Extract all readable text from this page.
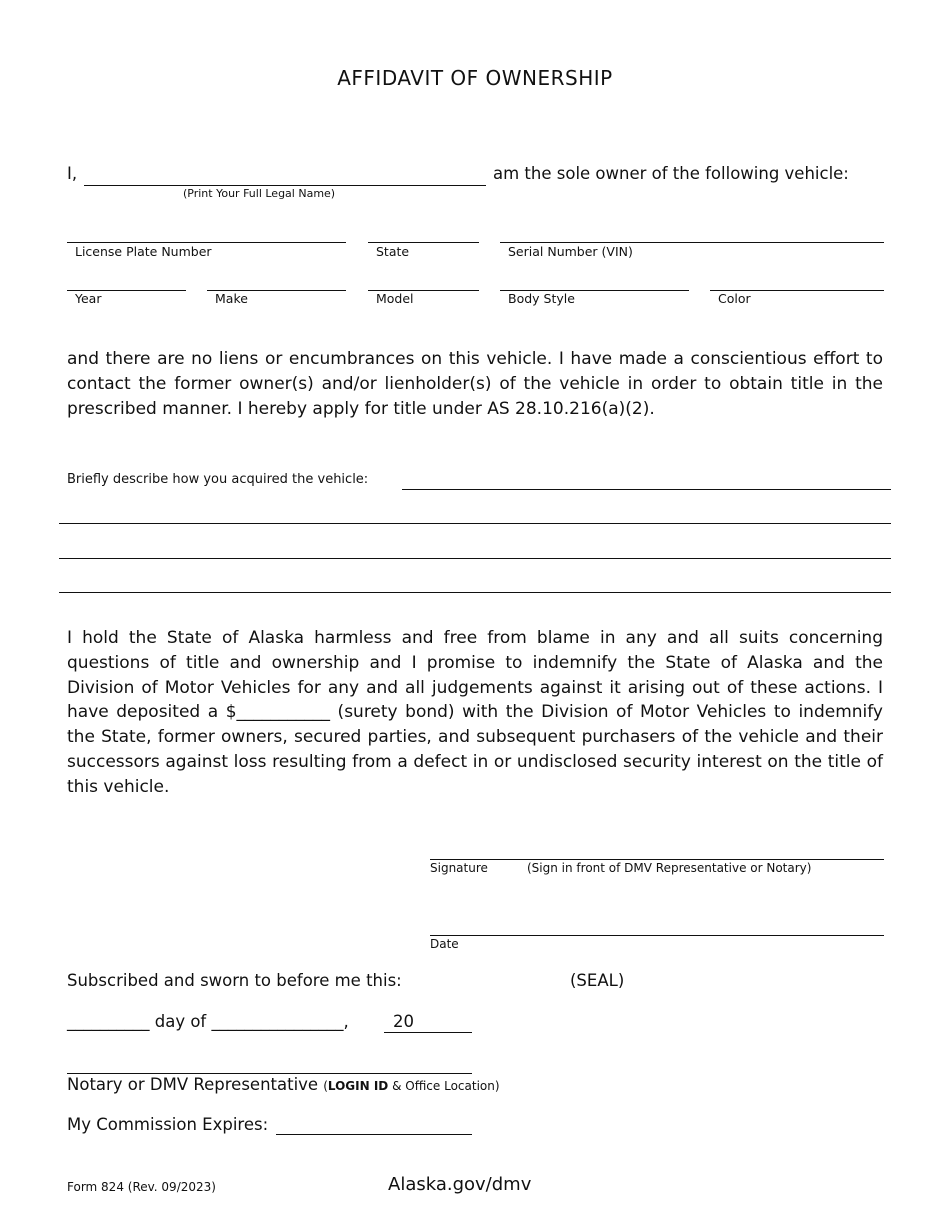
AFFIDAVIT OF OWNERSHIP
I,	am the sole owner of the following vehicle:
(Print Your Full Legal Name)
License Plate Number	State	Serial Number (VIN)
Year	Make	Model	Body Style	Color
and there are no liens or encumbrances on this vehicle. I have made a conscientious effort to contact the former owner(s) and/or lienholder(s) of the vehicle in order to obtain title in the prescribed manner. I hereby apply for title under AS 28.10.216(a)(2).
Briefly describe how you acquired the vehicle:
I hold the State of Alaska harmless and free from blame in any and all suits concerning questions of title and ownership and I promise to indemnify the State of Alaska and the Division of Motor Vehicles for any and all judgements against it arising out of these actions. I have deposited a $___________ (surety bond) with the Division of Motor Vehicles to indemnify the State, former owners, secured parties, and subsequent purchasers of the vehicle and their successors against loss resulting from a defect in or undisclosed security interest on the title of this vehicle.
Signature	(Sign in front of DMV Representative or Notary)
Date
Subscribed and sworn to before me this:	(SEAL)
__________ day of ________________,	20
Notary or DMV Representative (LOGIN ID & Office Location)
My Commission Expires:
Form 824 (Rev. 09/2023)	Alaska.gov/dmv
